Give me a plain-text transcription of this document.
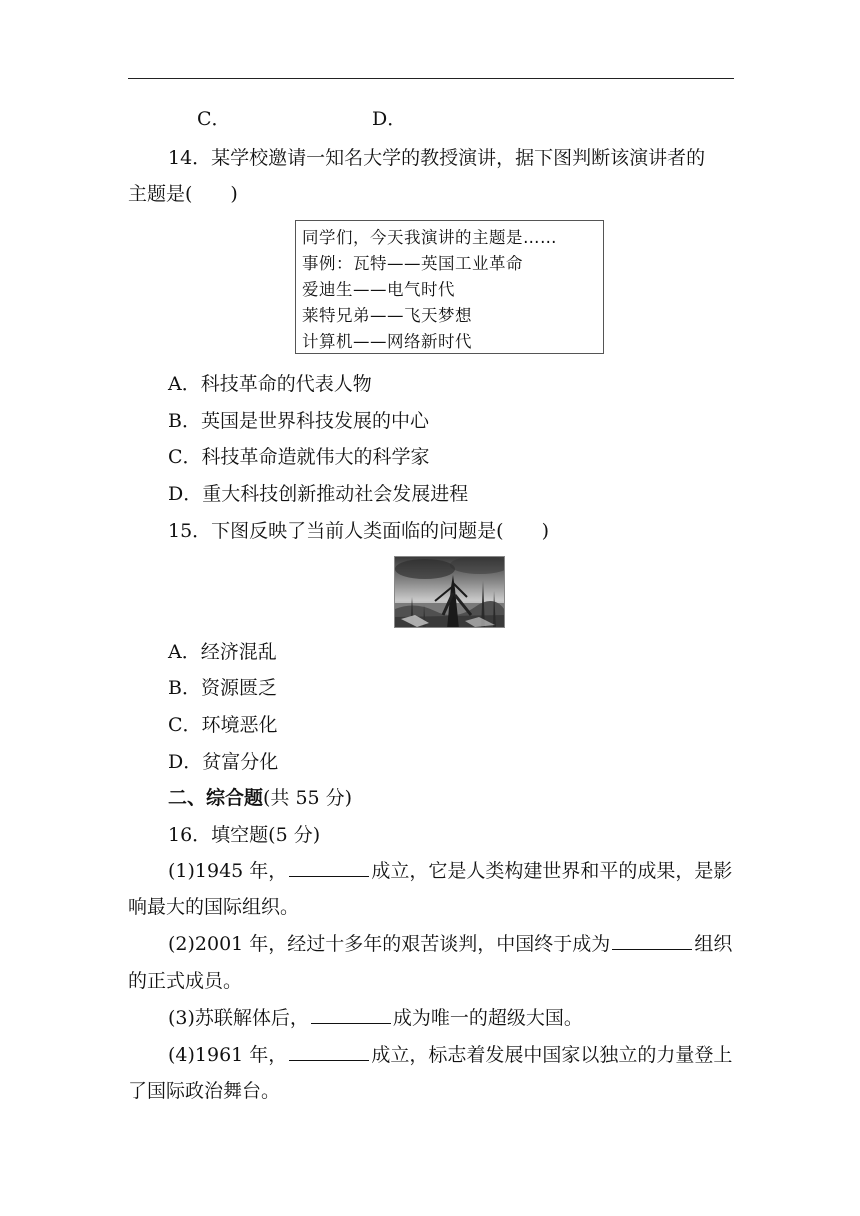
C．	D．
14．某学校邀请一知名大学的教授演讲，据下图判断该演讲者的
主题是(　　)
同学们，今天我演讲的主题是……
事例：瓦特——英国工业革命
爱迪生——电气时代
莱特兄弟——飞天梦想
计算机——网络新时代
A．科技革命的代表人物
B．英国是世界科技发展的中心
C．科技革命造就伟大的科学家
D．重大科技创新推动社会发展进程
15．下图反映了当前人类面临的问题是(　　)
A．经济混乱
B．资源匮乏
C．环境恶化
D．贫富分化
二、综合题(共 55 分)
16．填空题(5 分)
(1)1945 年，	成立，它是人类构建世界和平的成果，是影
响最大的国际组织。
(2)2001 年，经过十多年的艰苦谈判，中国终于成为	组织
的正式成员。
(3)苏联解体后，	成为唯一的超级大国。
(4)1961 年，	成立，标志着发展中国家以独立的力量登上
了国际政治舞台。
